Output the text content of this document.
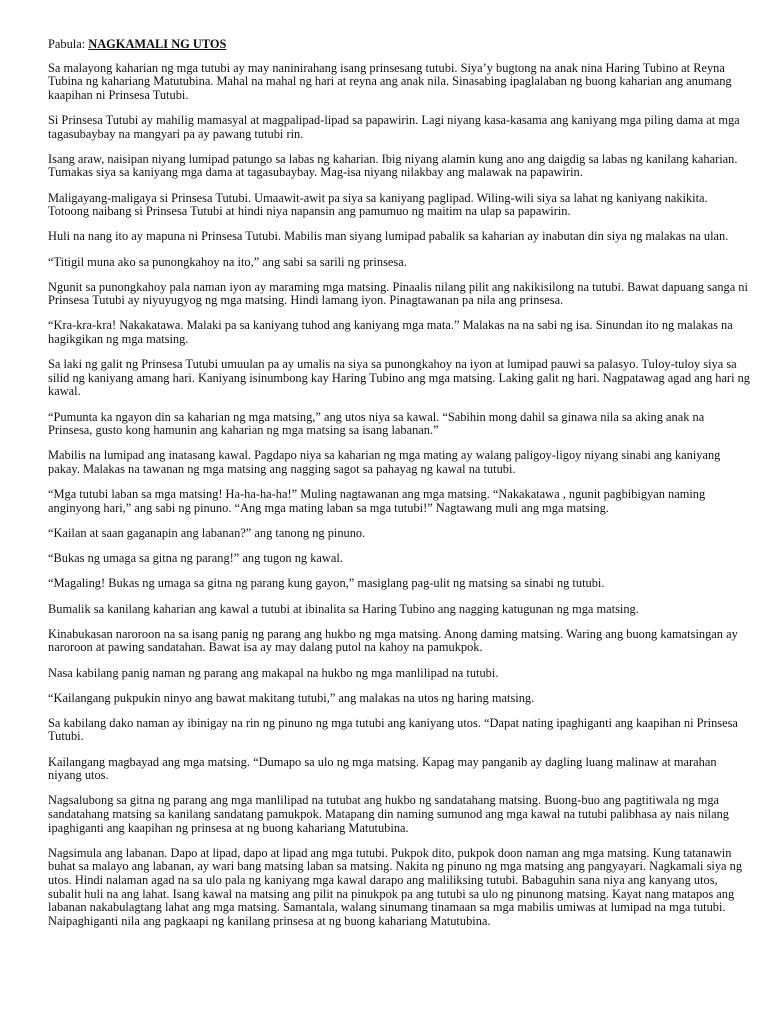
Pabula: NAGKAMALI NG UTOS

Sa malayong kaharian ng mga tutubi ay may naninirahang isang prinsesang tutubi. Siya’y bugtong na anak nina Haring Tubino at Reyna Tubina ng kahariang Matutubina. Mahal na mahal ng hari at reyna ang anak nila. Sinasabing ipaglalaban ng buong kaharian ang anumang kaapihan ni Prinsesa Tutubi.

Si Prinsesa Tutubi ay mahilig mamasyal at magpalipad-lipad sa papawirin. Lagi niyang kasa-kasama ang kaniyang mga piling dama at mga tagasubaybay na mangyari pa ay pawang tutubi rin.

Isang araw, naisipan niyang lumipad patungo sa labas ng kaharian. Ibig niyang alamin kung ano ang daigdig sa labas ng kanilang kaharian. Tumakas siya sa kaniyang mga dama at tagasubaybay. Mag-isa niyang nilakbay ang malawak na papawirin.

Maligayang-maligaya si Prinsesa Tutubi. Umaawit-awit pa siya sa kaniyang paglipad. Wiling-wili siya sa lahat ng kaniyang nakikita. Totoong naibang si Prinsesa Tutubi at hindi niya napansin ang pamumuo ng maitim na ulap sa papawirin.

Huli na nang ito ay mapuna ni Prinsesa Tutubi. Mabilis man siyang lumipad pabalik sa kaharian ay inabutan din siya ng malakas na ulan.

“Titigil muna ako sa punongkahoy na ito,” ang sabi sa sarili ng prinsesa.

Ngunit sa punongkahoy pala naman iyon ay maraming mga matsing. Pinaalis nilang pilit ang nakikisilong na tutubi. Bawat dapuang sanga ni Prinsesa Tutubi ay niyuyugyog ng mga matsing. Hindi lamang iyon. Pinagtawanan pa nila ang prinsesa.

“Kra-kra-kra! Nakakatawa. Malaki pa sa kaniyang tuhod ang kaniyang mga mata.” Malakas na na sabi ng isa. Sinundan ito ng malakas na hagikgikan ng mga matsing.

Sa laki ng galit ng Prinsesa Tutubi umuulan pa ay umalis na siya sa punongkahoy na iyon at lumipad pauwi sa palasyo. Tuloy-tuloy siya sa silid ng kaniyang amang hari. Kaniyang isinumbong kay Haring Tubino ang mga matsing. Laking galit ng hari. Nagpatawag agad ang hari ng kawal.

“Pumunta ka ngayon din sa kaharian ng mga matsing,” ang utos niya sa kawal. “Sabihin mong dahil sa ginawa nila sa aking anak na Prinsesa, gusto kong hamunin ang kaharian ng mga matsing sa isang labanan.”

Mabilis na lumipad ang inatasang kawal. Pagdapo niya sa kaharian ng mga mating ay walang paligoy-ligoy niyang sinabi ang kaniyang pakay. Malakas na tawanan ng mga matsing ang nagging sagot sa pahayag ng kawal na tutubi.

“Mga tutubi laban sa mga matsing! Ha-ha-ha-ha!” Muling nagtawanan ang mga matsing. “Nakakatawa , ngunit pagbibigyan naming anginyong hari,” ang sabi ng pinuno. “Ang mga mating laban sa mga tutubi!” Nagtawang muli ang mga matsing.

“Kailan at saan gaganapin ang labanan?” ang tanong ng pinuno.

“Bukas ng umaga sa gitna ng parang!” ang tugon ng kawal.

“Magaling! Bukas ng umaga sa gitna ng parang kung gayon,” masiglang pag-ulit ng matsing sa sinabi ng tutubi.

Bumalik sa kanilang kaharian ang kawal a tutubi at ibinalita sa Haring Tubino ang nagging katugunan ng mga matsing.

Kinabukasan naroroon na sa isang panig ng parang ang hukbo ng mga matsing. Anong daming matsing. Waring ang buong kamatsingan ay naroroon at pawing sandatahan. Bawat isa ay may dalang putol na kahoy na pamukpok.

Nasa kabilang panig naman ng parang ang makapal na hukbo ng mga manlilipad na tutubi.

“Kailangang pukpukin ninyo ang bawat makitang tutubi,” ang malakas na utos ng haring matsing.

Sa kabilang dako naman ay ibinigay na rin ng pinuno ng mga tutubi ang kaniyang utos. “Dapat nating ipaghiganti ang kaapihan ni Prinsesa Tutubi.

Kailangang magbayad ang mga matsing. “Dumapo sa ulo ng mga matsing. Kapag may panganib ay dagling luang malinaw at marahan niyang utos.

Nagsalubong sa gitna ng parang ang mga manlilipad na tutubat ang hukbo ng sandatahang matsing. Buong-buo ang pagtitiwala ng mga sandatahang matsing sa kanilang sandatang pamukpok. Matapang din naming sumunod ang mga kawal na tutubi palibhasa ay nais nilang ipaghiganti ang kaapihan ng prinsesa at ng buong kahariang Matutubina.

Nagsimula ang labanan. Dapo at lipad, dapo at lipad ang mga tutubi. Pukpok dito, pukpok doon naman ang mga matsing. Kung tatanawin buhat sa malayo ang labanan, ay wari bang matsing laban sa matsing. Nakita ng pinuno ng mga matsing ang pangyayari. Nagkamali siya ng utos. Hindi nalaman agad na sa ulo pala ng kaniyang mga kawal darapo ang maliliksing tutubi. Babaguhin sana niya ang kanyang utos, subalit huli na ang lahat. Isang kawal na matsing ang pilit na pinukpok pa ang tutubi sa ulo ng pinunong matsing. Kayat nang matapos ang labanan nakabulagtang lahat ang mga matsing. Samantala, walang sinumang tinamaan sa mga mabilis umiwas at lumipad na mga tutubi. Naipaghiganti nila ang pagkaapi ng kanilang prinsesa at ng buong kahariang Matutubina.
